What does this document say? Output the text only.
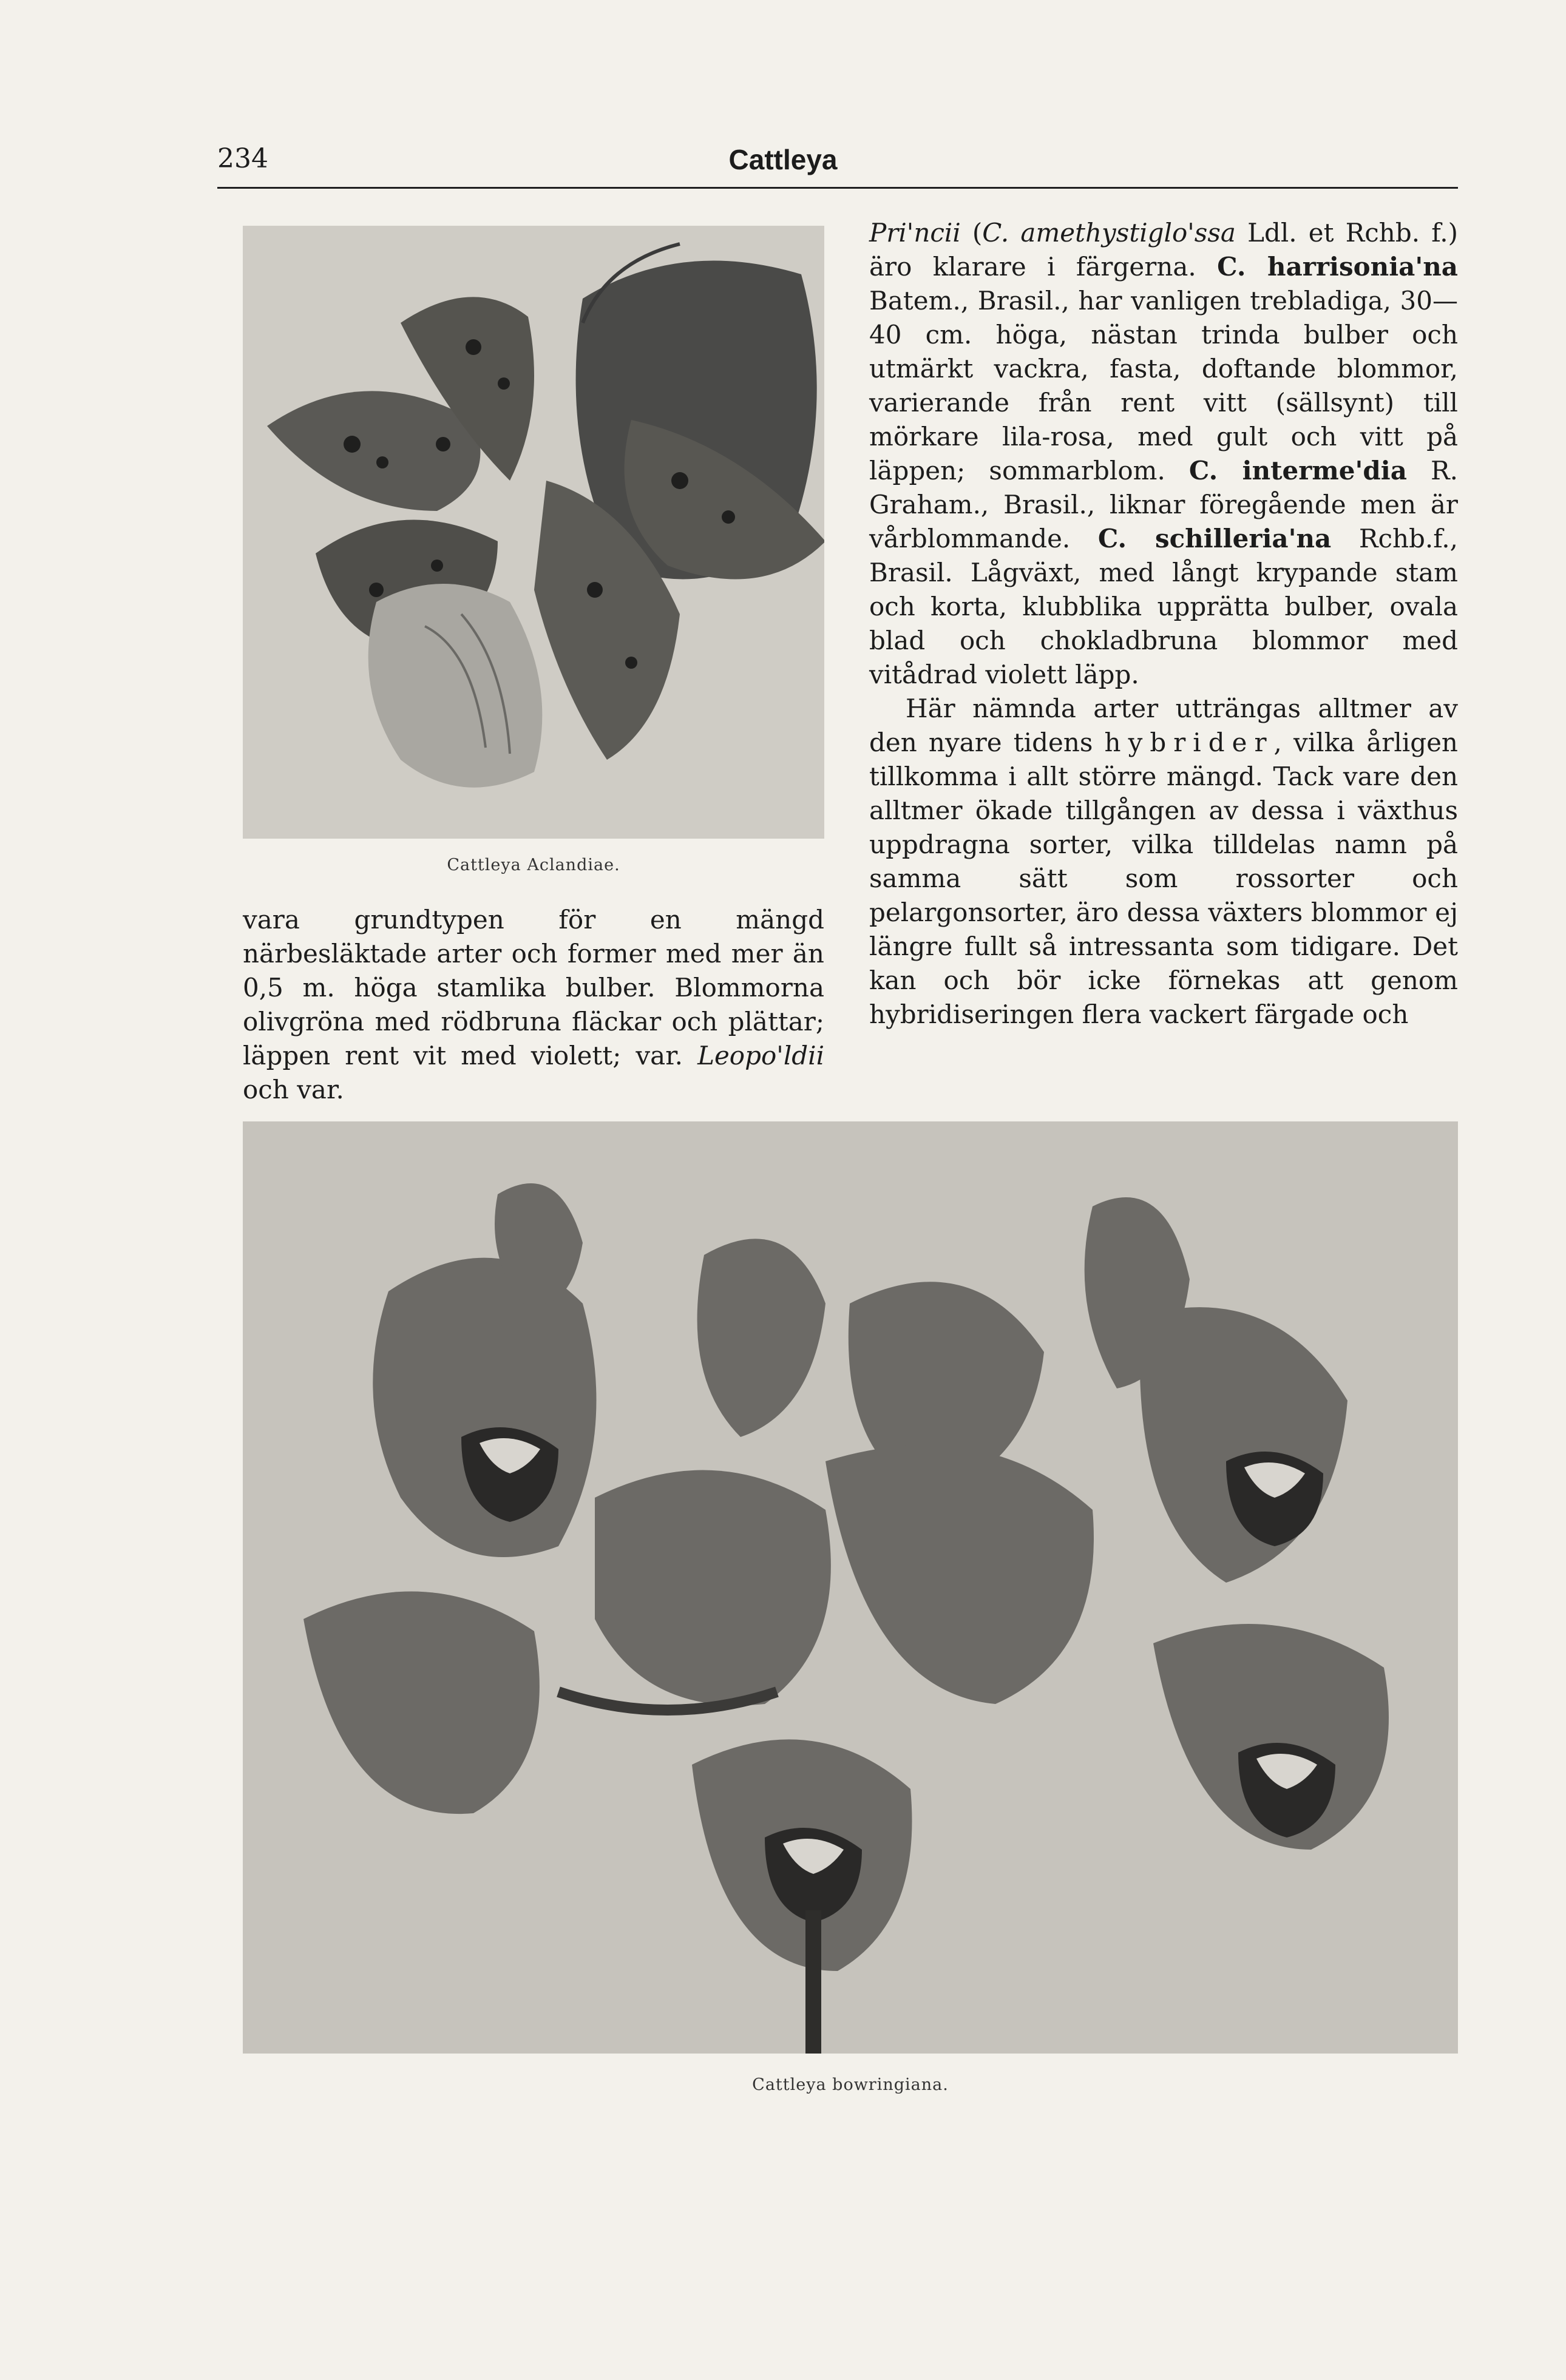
234	Cattleya
Cattleya Aclandiae.

vara grundtypen för en mängd närbesläktade arter och former med mer än 0,5 m. höga stamlika bulber. Blommorna olivgröna med rödbruna fläckar och plättar; läppen rent vit med violett; var. Leopo'ldii och var.

Pri'ncii (C. amethystiglo'ssa Ldl. et Rchb. f.) äro klarare i färgerna. C. harrisonia'na Batem., Brasil., har vanligen trebladiga, 30—40 cm. höga, nästan trinda bulber och utmärkt vackra, fasta, doftande blommor, varierande från rent vitt (sällsynt) till mörkare lila-rosa, med gult och vitt på läppen; sommarblom. C. interme'dia R. Graham., Brasil., liknar föregående men är vårblommande. C. schilleria'na Rchb.f., Brasil. Lågväxt, med långt krypande stam och korta, klubblika upprätta bulber, ovala blad och chokladbruna blommor med vitådrad violett läpp.

Här nämnda arter utträngas alltmer av den nyare tidens hybrider, vilka årligen tillkomma i allt större mängd. Tack vare den alltmer ökade tillgången av dessa i växthus uppdragna sorter, vilka tilldelas namn på samma sätt som rossorter och pelargonsorter, äro dessa växters blommor ej längre fullt så intressanta som tidigare. Det kan och bör icke förnekas att genom hybridiseringen flera vackert färgade och

Cattleya bowringiana.
